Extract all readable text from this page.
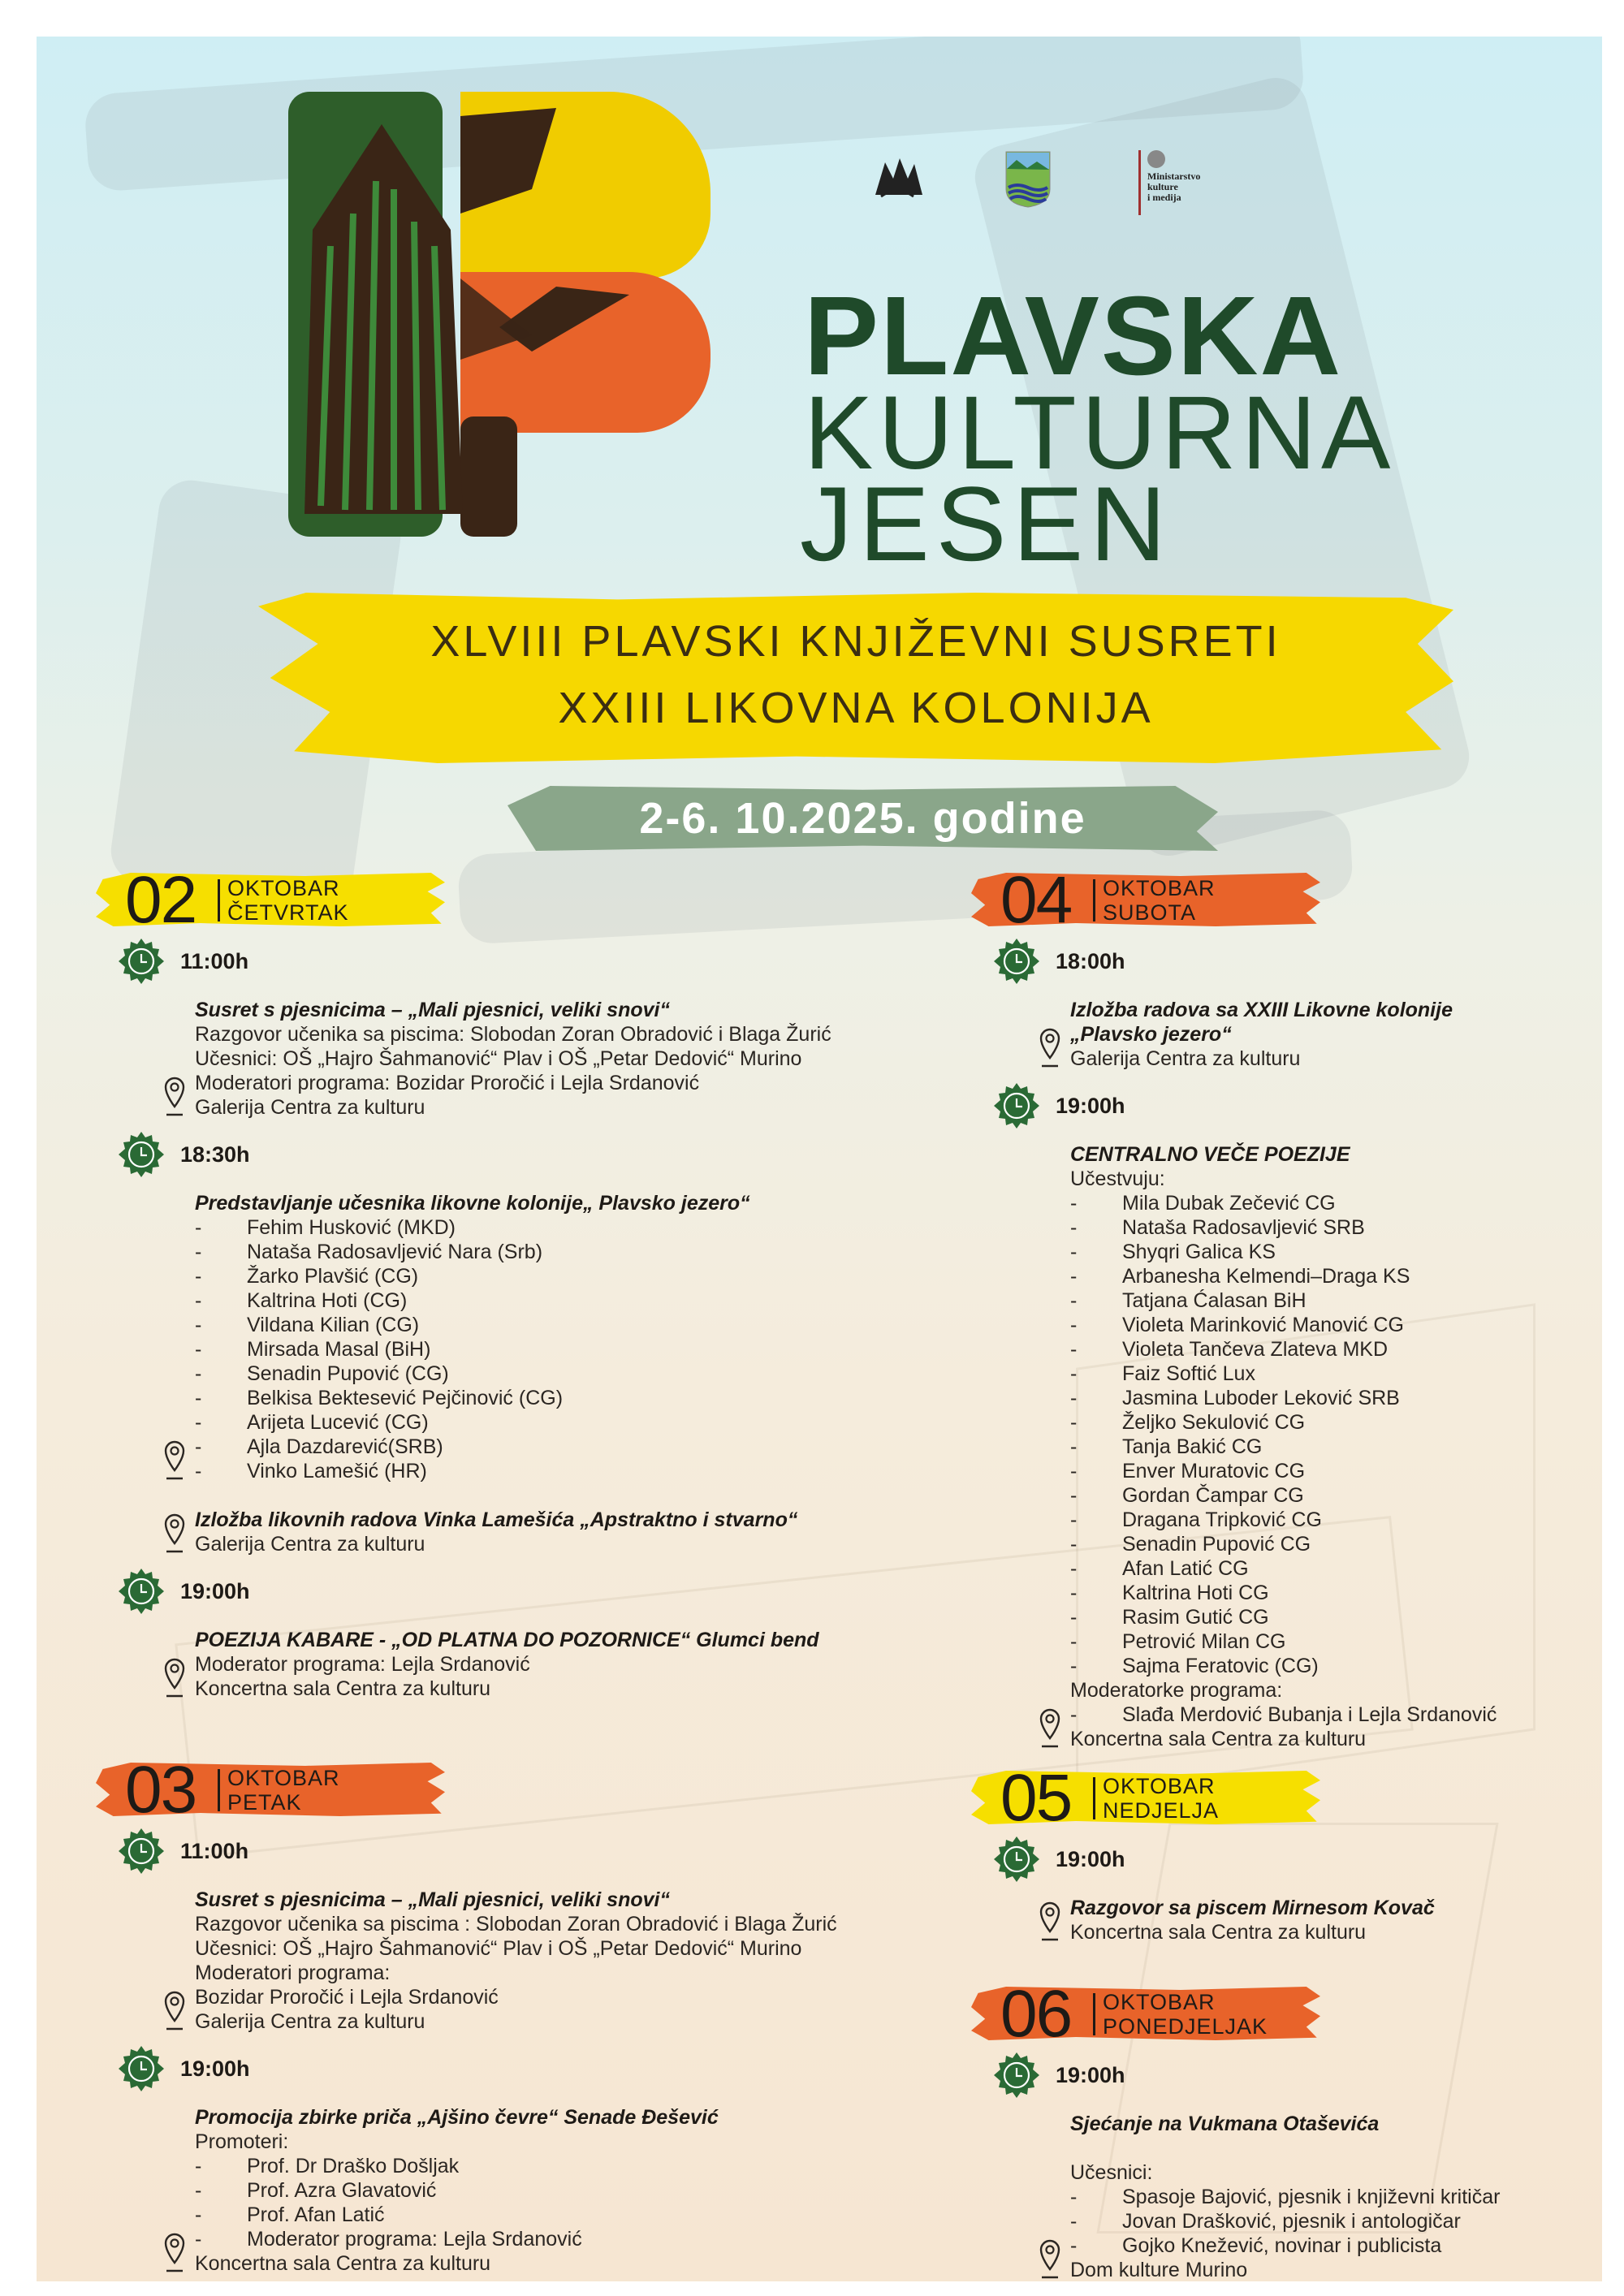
Ministarstvo
kulture
i medija
PLAVSKA
KULTURNA
JESEN
XLVIII PLAVSKI KNJIŽEVNI SUSRETI
XXIII LIKOVNA KOLONIJA
2-6. 10.2025. godine
02 OKTOBAR
ČETVRTAK
11:00h
Susret s pjesnicima – „Mali pjesnici, veliki snovi“
Razgovor učenika sa piscima: Slobodan Zoran Obradović i Blaga Žurić
Učesnici: OŠ „Hajro Šahmanović“ Plav i OŠ „Petar Dedović“ Murino
Moderatori programa: Bozidar Proročić i Lejla Srdanović
Galerija Centra za kulturu
18:30h
Predstavljanje učesnika likovne kolonije„ Plavsko jezero“
- Fehim Husković (MKD)
- Nataša Radosavljević Nara (Srb)
- Žarko Plavšić (CG)
- Kaltrina Hoti (CG)
- Vildana Kilian (CG)
- Mirsada Masal (BiH)
- Senadin Pupović (CG)
- Belkisa Bektesević Pejčinović (CG)
- Arijeta Lucević (CG)
- Ajla Dazdarević(SRB)
- Vinko Lamešić (HR)
Izložba likovnih radova Vinka Lamešića „Apstraktno i stvarno“
Galerija Centra za kulturu
19:00h
POEZIJA KABARE - „OD PLATNA DO POZORNICE“ Glumci bend
Moderator programa: Lejla Srdanović
Koncertna sala Centra za kulturu
03 OKTOBAR
PETAK
11:00h
Susret s pjesnicima – „Mali pjesnici, veliki snovi“
Razgovor učenika sa piscima : Slobodan Zoran Obradović i Blaga Žurić
Učesnici: OŠ „Hajro Šahmanović“ Plav i OŠ „Petar Dedović“ Murino
Moderatori programa:
Bozidar Proročić i Lejla Srdanović
Galerija Centra za kulturu
19:00h
Promocija zbirke priča „Ajšino čevre“ Senade Đešević
Promoteri:
- Prof. Dr Draško Došljak
- Prof. Azra Glavatović
- Prof. Afan Latić
- Moderator programa: Lejla Srdanović
Koncertna sala Centra za kulturu
04 OKTOBAR
SUBOTA
18:00h
Izložba radova sa XXIII Likovne kolonije
„Plavsko jezero“
Galerija Centra za kulturu
19:00h
CENTRALNO VEČE POEZIJE
Učestvuju:
- Mila Dubak Zečević CG
- Nataša Radosavljević SRB
- Shyqri Galica KS
- Arbanesha Kelmendi–Draga KS
- Tatjana Ćalasan BiH
- Violeta Marinković Manović CG
- Violeta Tančeva Zlateva MKD
- Faiz Softić Lux
- Jasmina Luboder Leković SRB
- Željko Sekulović CG
- Tanja Bakić CG
- Enver Muratovic CG
- Gordan Čampar CG
- Dragana Tripković CG
- Senadin Pupović CG
- Afan Latić CG
- Kaltrina Hoti CG
- Rasim Gutić CG
- Petrović Milan CG
- Sajma Feratovic (CG)
Moderatorke programa:
- Slađa Merdović Bubanja i Lejla Srdanović
Koncertna sala Centra za kulturu
05 OKTOBAR
NEDJELJA
19:00h
Razgovor sa piscem Mirnesom Kovač
Koncertna sala Centra za kulturu
06 OKTOBAR
PONEDJELJAK
19:00h
Sjećanje na Vukmana Otaševića
Učesnici:
- Spasoje Bajović, pjesnik i književni kritičar
- Jovan Drašković, pjesnik i antologičar
- Gojko Knežević, novinar i publicista
Dom kulture Murino
